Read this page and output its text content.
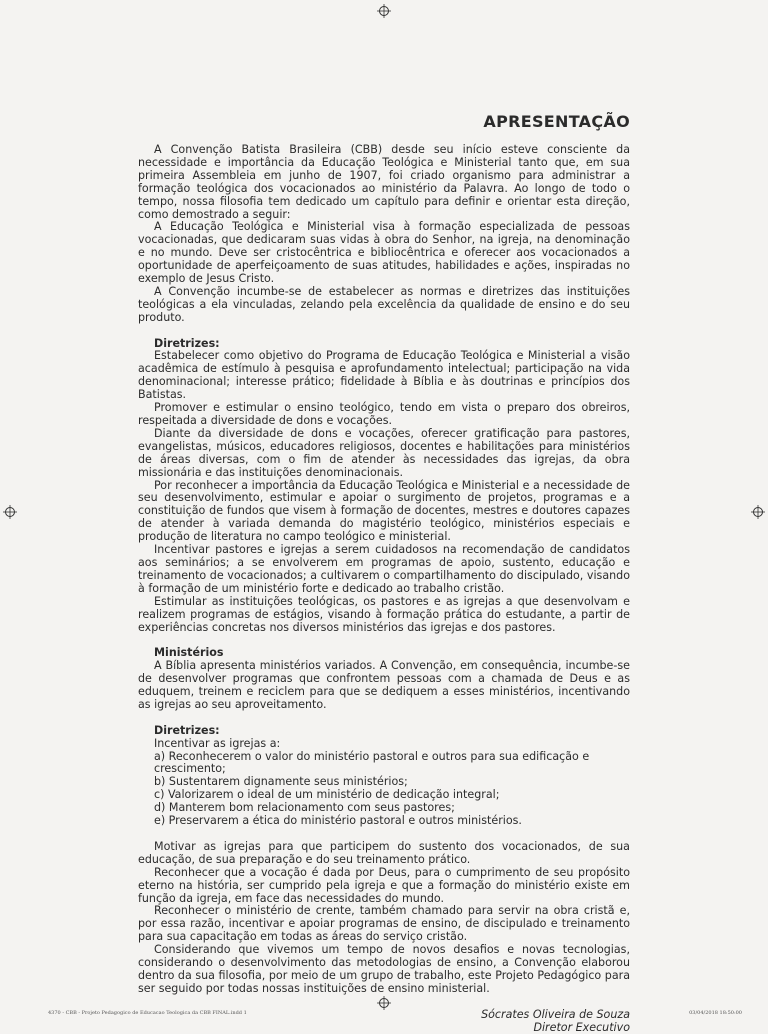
APRESENTAÇÃO

A Convenção Batista Brasileira (CBB) desde seu início esteve consciente da necessidade e importância da Educação Teológica e Ministerial tanto que, em sua primeira Assembleia em junho de 1907, foi criado organismo para administrar a formação teológica dos vocacionados ao ministério da Palavra. Ao longo de todo o tempo, nossa filosofia tem dedicado um capítulo para definir e orientar esta direção, como demostrado a seguir:

A Educação Teológica e Ministerial visa à formação especializada de pessoas vocacionadas, que dedicaram suas vidas à obra do Senhor, na igreja, na denominação e no mundo. Deve ser cristocêntrica e bibliocêntrica e oferecer aos vocacionados a oportunidade de aperfeiçoamento de suas atitudes, habilidades e ações, inspiradas no exemplo de Jesus Cristo.

A Convenção incumbe-se de estabelecer as normas e diretrizes das instituições teológicas a ela vinculadas, zelando pela excelência da qualidade de ensino e do seu produto.

Diretrizes:

Estabelecer como objetivo do Programa de Educação Teológica e Ministerial a visão acadêmica de estímulo à pesquisa e aprofundamento intelectual; participação na vida denominacional; interesse prático; fidelidade à Bíblia e às doutrinas e princípios dos Batistas.

Promover e estimular o ensino teológico, tendo em vista o preparo dos obreiros, respeitada a diversidade de dons e vocações.

Diante da diversidade de dons e vocações, oferecer gratificação para pastores, evangelistas, músicos, educadores religiosos, docentes e habilitações para ministérios de áreas diversas, com o fim de atender às necessidades das igrejas, da obra missionária e das instituições denominacionais.

Por reconhecer a importância da Educação Teológica e Ministerial e a necessidade de seu desenvolvimento, estimular e apoiar o surgimento de projetos, programas e a constituição de fundos que visem à formação de docentes, mestres e doutores capazes de atender à variada demanda do magistério teológico, ministérios especiais e produção de literatura no campo teológico e ministerial.

Incentivar pastores e igrejas a serem cuidadosos na recomendação de candidatos aos seminários; a se envolverem em programas de apoio, sustento, educação e treinamento de vocacionados; a cultivarem o compartilhamento do discipulado, visando à formação de um ministério forte e dedicado ao trabalho cristão.

Estimular as instituições teológicas, os pastores e as igrejas a que desenvolvam e realizem programas de estágios, visando à formação prática do estudante, a partir de experiências concretas nos diversos ministérios das igrejas e dos pastores.

Ministérios

A Bíblia apresenta ministérios variados. A Convenção, em consequência, incumbe-se de desenvolver programas que confrontem pessoas com a chamada de Deus e as eduquem, treinem e reciclem para que se dediquem a esses ministérios, incentivando as igrejas ao seu aproveitamento.

Diretrizes:

Incentivar as igrejas a:

a) Reconhecerem o valor do ministério pastoral e outros para sua edificação e crescimento;

b) Sustentarem dignamente seus ministérios;

c) Valorizarem o ideal de um ministério de dedicação integral;

d) Manterem bom relacionamento com seus pastores;

e) Preservarem a ética do ministério pastoral e outros ministérios.

Motivar as igrejas para que participem do sustento dos vocacionados, de sua educação, de sua preparação e do seu treinamento prático.

Reconhecer que a vocação é dada por Deus, para o cumprimento de seu propósito eterno na história, ser cumprido pela igreja e que a formação do ministério existe em função da igreja, em face das necessidades do mundo.

Reconhecer o ministério de crente, também chamado para servir na obra cristã e, por essa razão, incentivar e apoiar programas de ensino, de discipulado e treinamento para sua capacitação em todas as áreas do serviço cristão.

Considerando que vivemos um tempo de novos desafios e novas tecnologias, considerando o desenvolvimento das metodologias de ensino, a Convenção elaborou dentro da sua filosofia, por meio de um grupo de trabalho, este Projeto Pedagógico para ser seguido por todas nossas instituições de ensino ministerial.

Sócrates Oliveira de Souza

Diretor Executivo

4370 - CBB - Projeto Pedagogico de Educacao Teologica da CBB FINAL.indd 1	03/04/2018 18:50:00
